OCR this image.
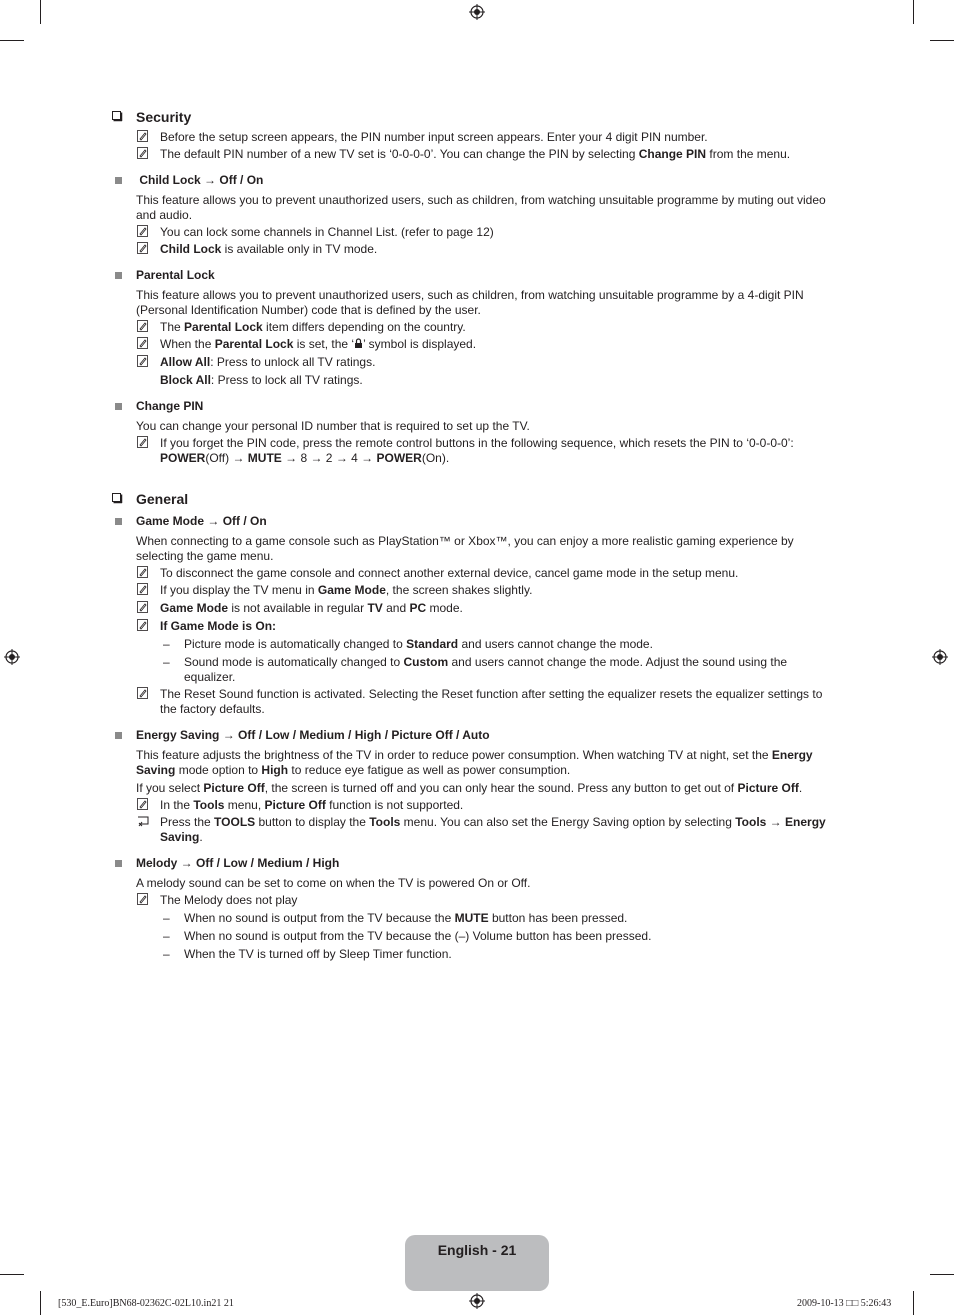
Security
Before the setup screen appears, the PIN number input screen appears. Enter your 4 digit PIN number.
The default PIN number of a new TV set is ‘0-0-0-0’. You can change the PIN by selecting Change PIN from the menu.
Child Lock → Off / On
This feature allows you to prevent unauthorized users, such as children, from watching unsuitable programme by muting out video and audio.
You can lock some channels in Channel List. (refer to page 12)
Child Lock is available only in TV mode.
Parental Lock
This feature allows you to prevent unauthorized users, such as children, from watching unsuitable programme by a 4-digit PIN (Personal Identification Number) code that is defined by the user.
The Parental Lock item differs depending on the country.
When the Parental Lock is set, the ‘ ’ symbol is displayed.
Allow All: Press to unlock all TV ratings.
Block All: Press to lock all TV ratings.
Change PIN
You can change your personal ID number that is required to set up the TV.
If you forget the PIN code, press the remote control buttons in the following sequence, which resets the PIN to ‘0-0-0-0’: POWER(Off) → MUTE → 8 → 2 → 4 → POWER(On).
General
Game Mode → Off / On
When connecting to a game console such as PlayStation™ or Xbox™, you can enjoy a more realistic gaming experience by selecting the game menu.
To disconnect the game console and connect another external device, cancel game mode in the setup menu.
If you display the TV menu in Game Mode, the screen shakes slightly.
Game Mode is not available in regular TV and PC mode.
If Game Mode is On:
– Picture mode is automatically changed to Standard and users cannot change the mode.
– Sound mode is automatically changed to Custom and users cannot change the mode. Adjust the sound using the equalizer.
The Reset Sound function is activated. Selecting the Reset function after setting the equalizer resets the equalizer settings to the factory defaults.
Energy Saving → Off / Low / Medium / High / Picture Off / Auto
This feature adjusts the brightness of the TV in order to reduce power consumption. When watching TV at night, set the Energy Saving mode option to High to reduce eye fatigue as well as power consumption.
If you select Picture Off, the screen is turned off and you can only hear the sound. Press any button to get out of Picture Off.
In the Tools menu, Picture Off function is not supported.
Press the TOOLS button to display the Tools menu. You can also set the Energy Saving option by selecting Tools → Energy Saving.
Melody → Off / Low / Medium / High
A melody sound can be set to come on when the TV is powered On or Off.
The Melody does not play
– When no sound is output from the TV because the MUTE button has been pressed.
– When no sound is output from the TV because the (–) Volume button has been pressed.
– When the TV is turned off by Sleep Timer function.
English - 21
[530_E.Euro]BN68-02362C-02L10.in21 21	2009-10-13 □□ 5:26:43
